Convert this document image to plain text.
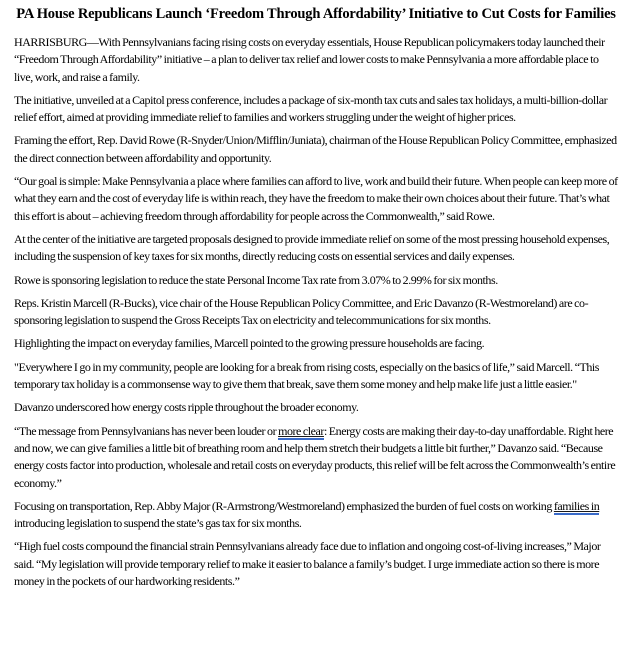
PA House Republicans Launch ‘Freedom Through Affordability’ Initiative to Cut Costs for Families

HARRISBURG—With Pennsylvanians facing rising costs on everyday essentials, House Republican policymakers today launched their “Freedom Through Affordability” initiative – a plan to deliver tax relief and lower costs to make Pennsylvania a more affordable place to live, work, and raise a family.

The initiative, unveiled at a Capitol press conference, includes a package of six-month tax cuts and sales tax holidays, a multi-billion-dollar relief effort, aimed at providing immediate relief to families and workers struggling under the weight of higher prices.

Framing the effort, Rep. David Rowe (R-Snyder/Union/Mifflin/Juniata), chairman of the House Republican Policy Committee, emphasized the direct connection between affordability and opportunity.

“Our goal is simple: Make Pennsylvania a place where families can afford to live, work and build their future. When people can keep more of what they earn and the cost of everyday life is within reach, they have the freedom to make their own choices about their future. That’s what this effort is about – achieving freedom through affordability for people across the Commonwealth,” said Rowe.

At the center of the initiative are targeted proposals designed to provide immediate relief on some of the most pressing household expenses, including the suspension of key taxes for six months, directly reducing costs on essential services and daily expenses.

Rowe is sponsoring legislation to reduce the state Personal Income Tax rate from 3.07% to 2.99% for six months.

Reps. Kristin Marcell (R-Bucks), vice chair of the House Republican Policy Committee, and Eric Davanzo (R-Westmoreland) are co-sponsoring legislation to suspend the Gross Receipts Tax on electricity and telecommunications for six months.

Highlighting the impact on everyday families, Marcell pointed to the growing pressure households are facing.

"Everywhere I go in my community, people are looking for a break from rising costs, especially on the basics of life,” said Marcell. “This temporary tax holiday is a commonsense way to give them that break, save them some money and help make life just a little easier."

Davanzo underscored how energy costs ripple throughout the broader economy.

“The message from Pennsylvanians has never been louder or more clear: Energy costs are making their day-to-day unaffordable. Right here and now, we can give families a little bit of breathing room and help them stretch their budgets a little bit further,” Davanzo said. “Because energy costs factor into production, wholesale and retail costs on everyday products, this relief will be felt across the Commonwealth’s entire economy.”

Focusing on transportation, Rep. Abby Major (R-Armstrong/Westmoreland) emphasized the burden of fuel costs on working families in introducing legislation to suspend the state’s gas tax for six months.

“High fuel costs compound the financial strain Pennsylvanians already face due to inflation and ongoing cost-of-living increases,” Major said. “My legislation will provide temporary relief to make it easier to balance a family’s budget. I urge immediate action so there is more money in the pockets of our hardworking residents.”
